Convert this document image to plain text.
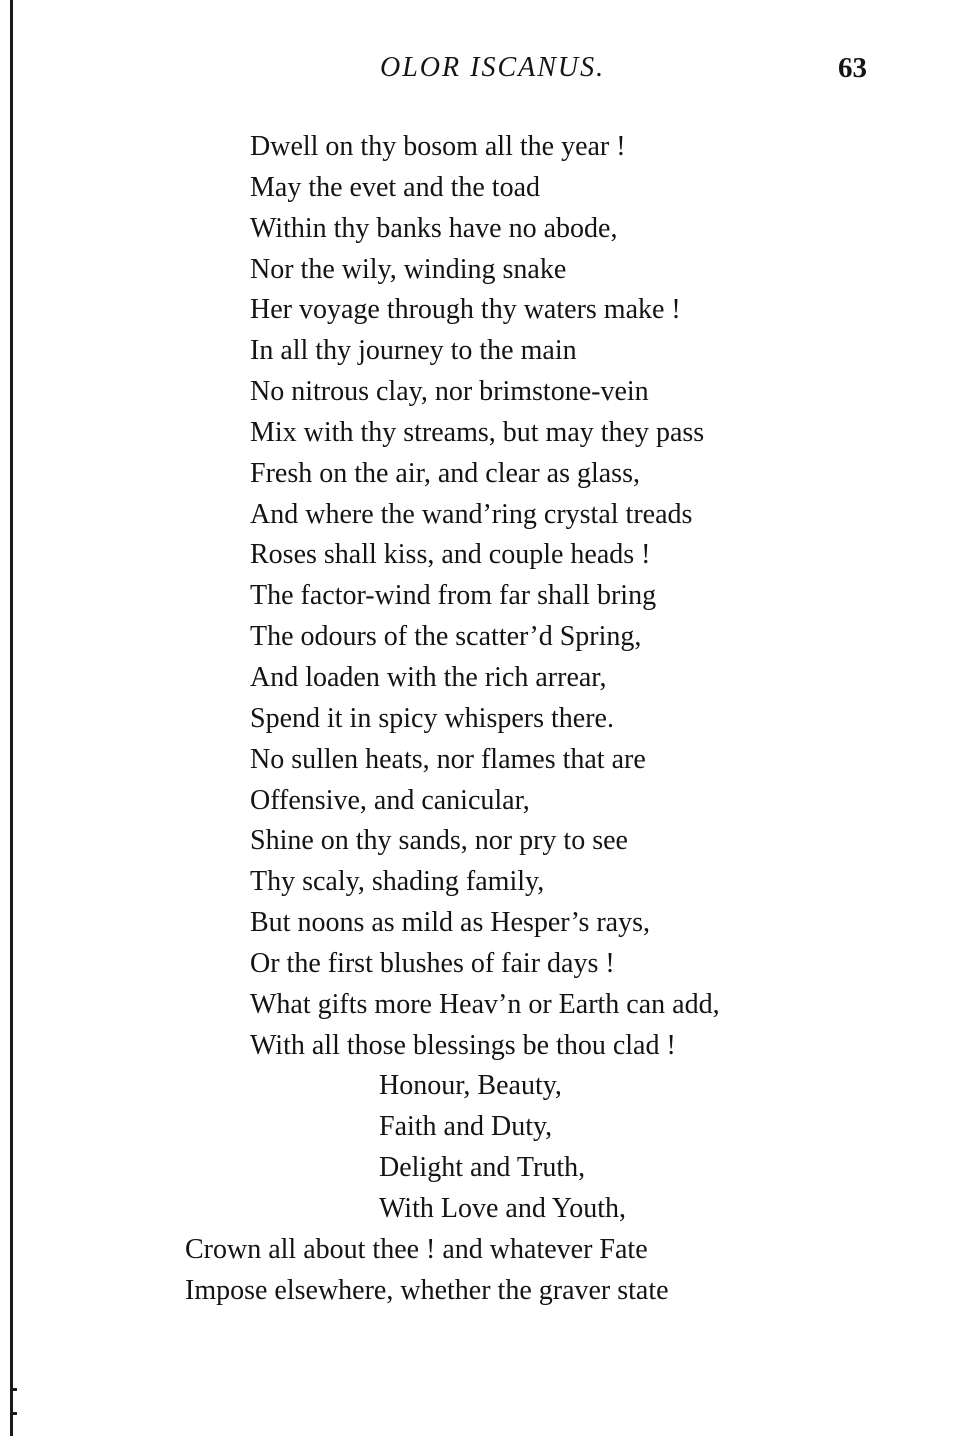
OLOR ISCANUS.	63
Dwell on thy bosom all the year !
May the evet and the toad
Within thy banks have no abode,
Nor the wily, winding snake
Her voyage through thy waters make !
In all thy journey to the main
No nitrous clay, nor brimstone-vein
Mix with thy streams, but may they pass
Fresh on the air, and clear as glass,
And where the wand’ring crystal treads
Roses shall kiss, and couple heads !
The factor-wind from far shall bring
The odours of the scatter’d Spring,
And loaden with the rich arrear,
Spend it in spicy whispers there.
No sullen heats, nor flames that are
Offensive, and canicular,
Shine on thy sands, nor pry to see
Thy scaly, shading family,
But noons as mild as Hesper’s rays,
Or the first blushes of fair days !
What gifts more Heav’n or Earth can add,
With all those blessings be thou clad !
Honour, Beauty,
Faith and Duty,
Delight and Truth,
With Love and Youth,
Crown all about thee ! and whatever Fate
Impose elsewhere, whether the graver state
